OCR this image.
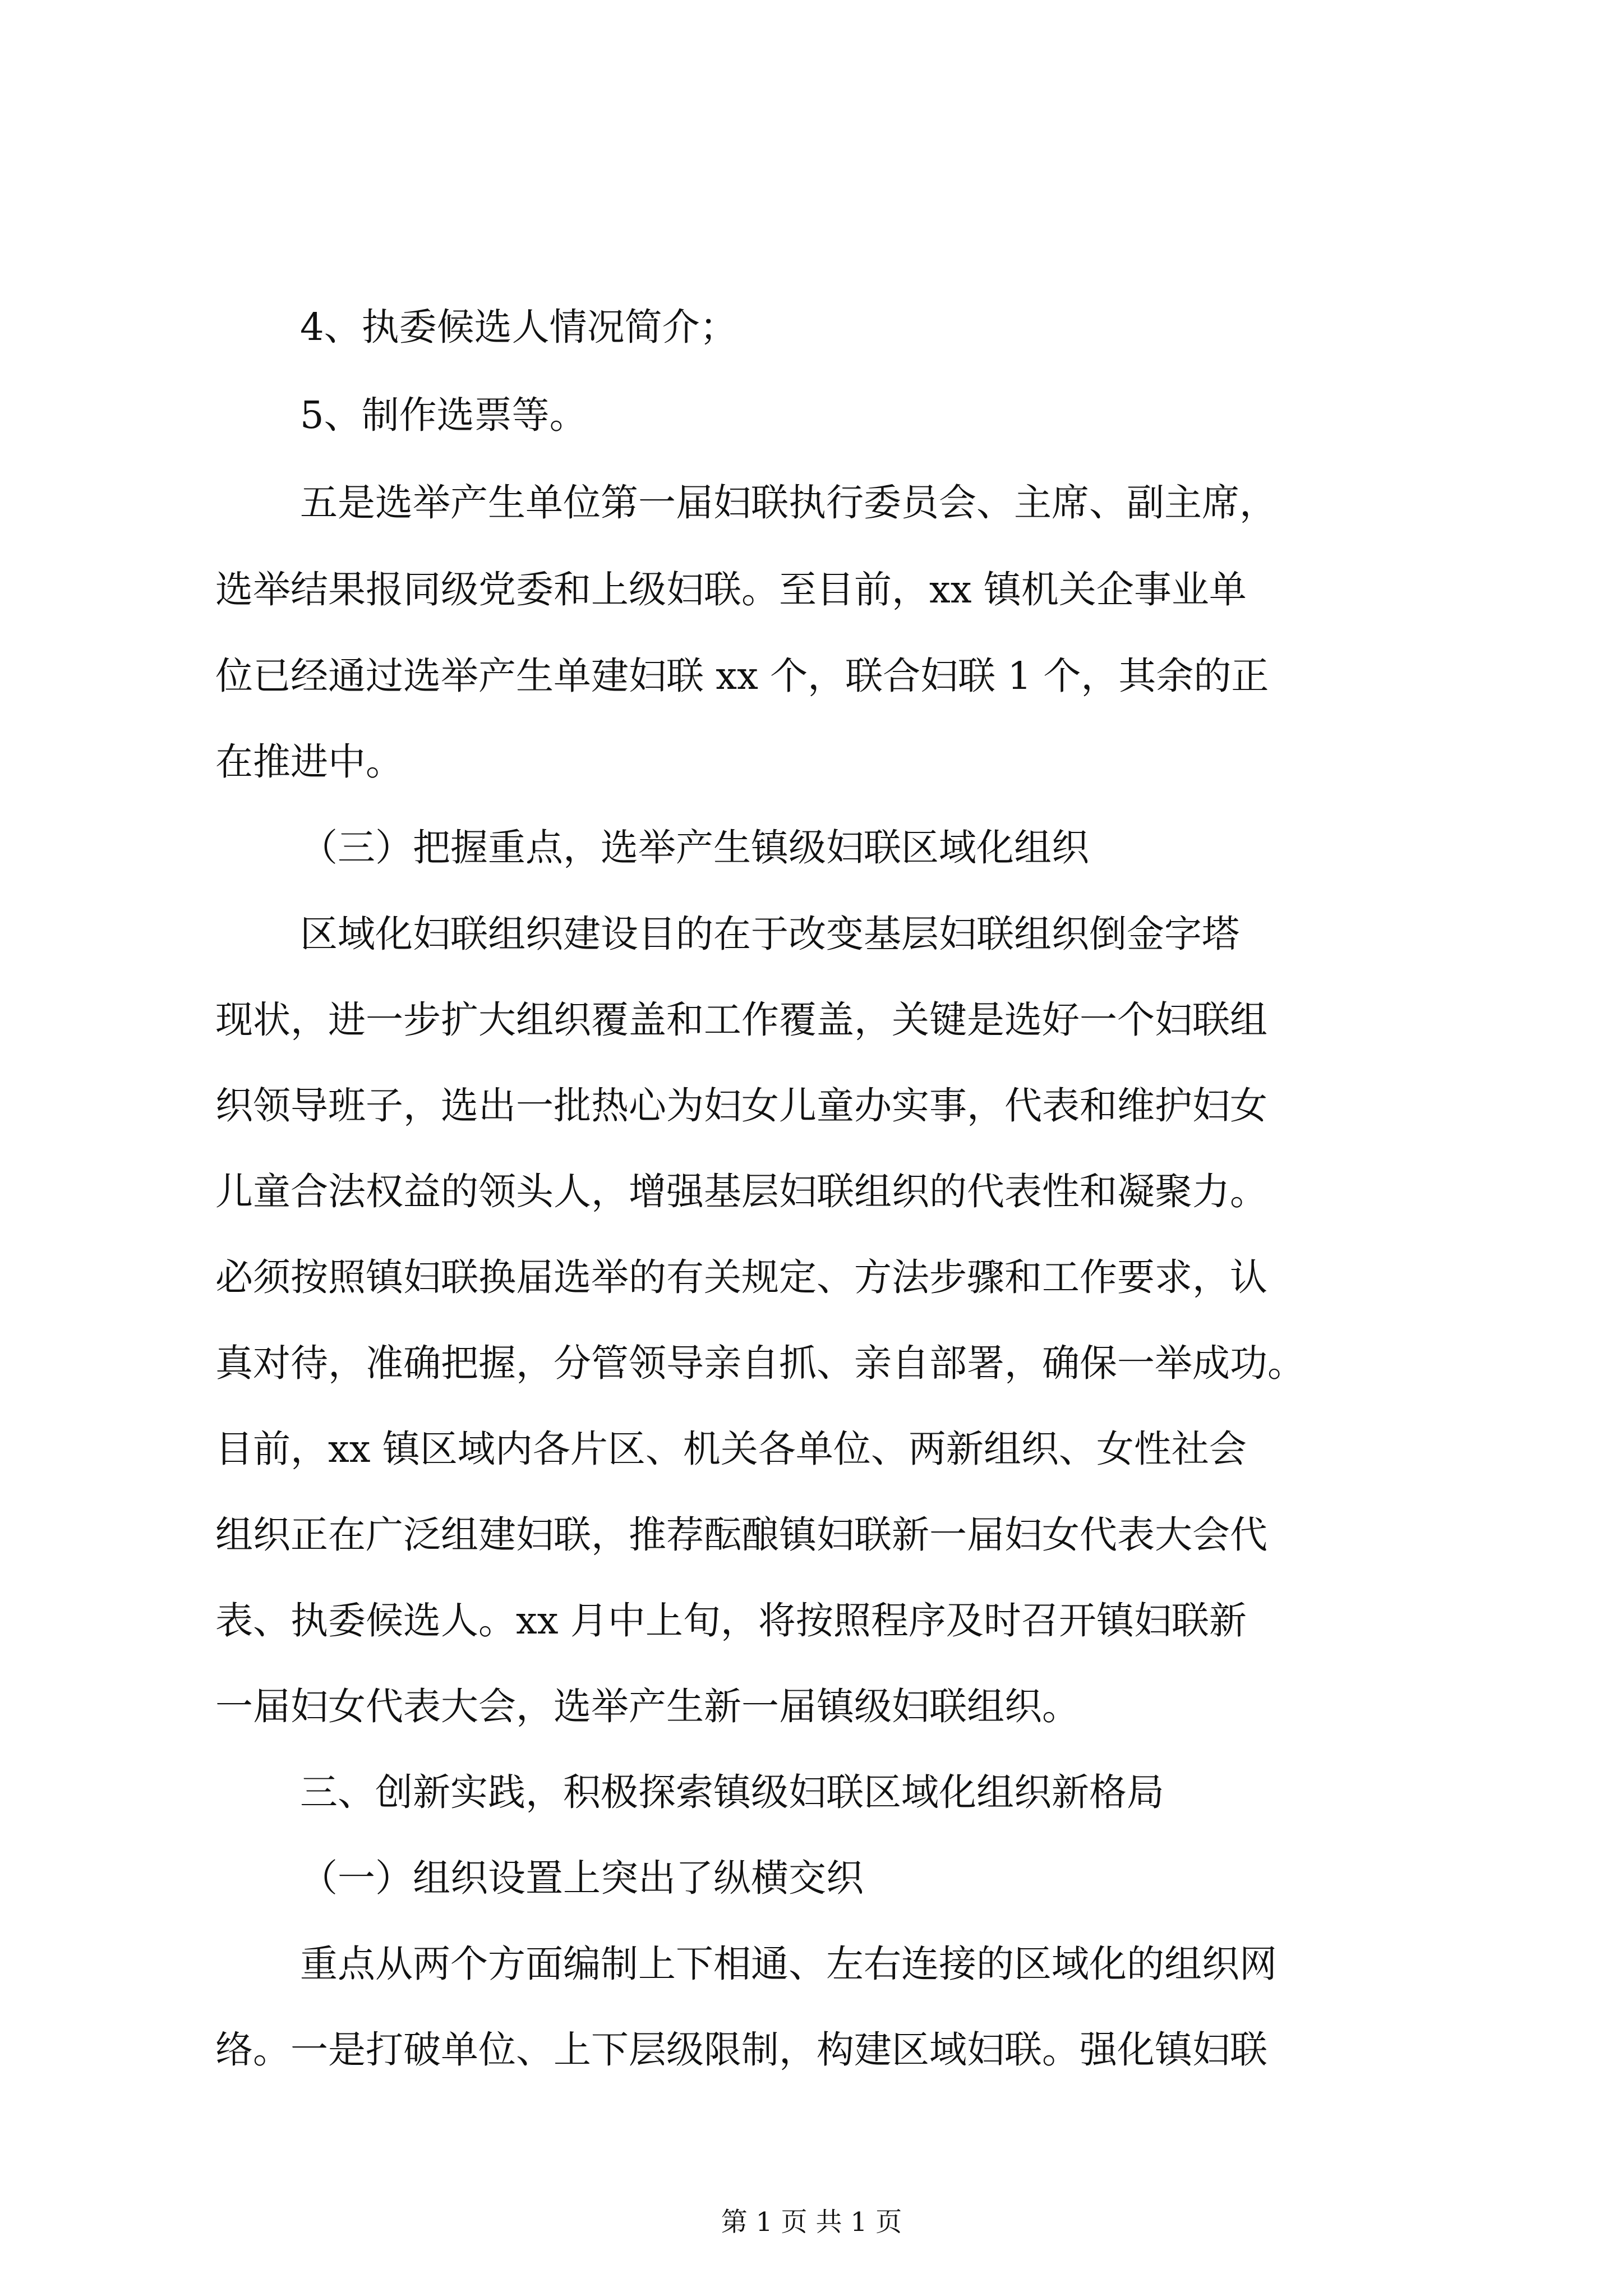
4、执委候选人情况简介；
5、制作选票等。
五是选举产生单位第一届妇联执行委员会、主席、副主席，
选举结果报同级党委和上级妇联。至目前，xx 镇机关企事业单
位已经通过选举产生单建妇联 xx 个，联合妇联 1 个，其余的正
在推进中。
（三）把握重点，选举产生镇级妇联区域化组织
区域化妇联组织建设目的在于改变基层妇联组织倒金字塔
现状，进一步扩大组织覆盖和工作覆盖，关键是选好一个妇联组
织领导班子，选出一批热心为妇女儿童办实事，代表和维护妇女
儿童合法权益的领头人，增强基层妇联组织的代表性和凝聚力。
必须按照镇妇联换届选举的有关规定、方法步骤和工作要求，认
真对待，准确把握，分管领导亲自抓、亲自部署，确保一举成功。
目前，xx 镇区域内各片区、机关各单位、两新组织、女性社会
组织正在广泛组建妇联，推荐酝酿镇妇联新一届妇女代表大会代
表、执委候选人。xx 月中上旬，将按照程序及时召开镇妇联新
一届妇女代表大会，选举产生新一届镇级妇联组织。
三、创新实践，积极探索镇级妇联区域化组织新格局
（一）组织设置上突出了纵横交织
重点从两个方面编制上下相通、左右连接的区域化的组织网
络。一是打破单位、上下层级限制，构建区域妇联。强化镇妇联
第 1 页 共 1 页
